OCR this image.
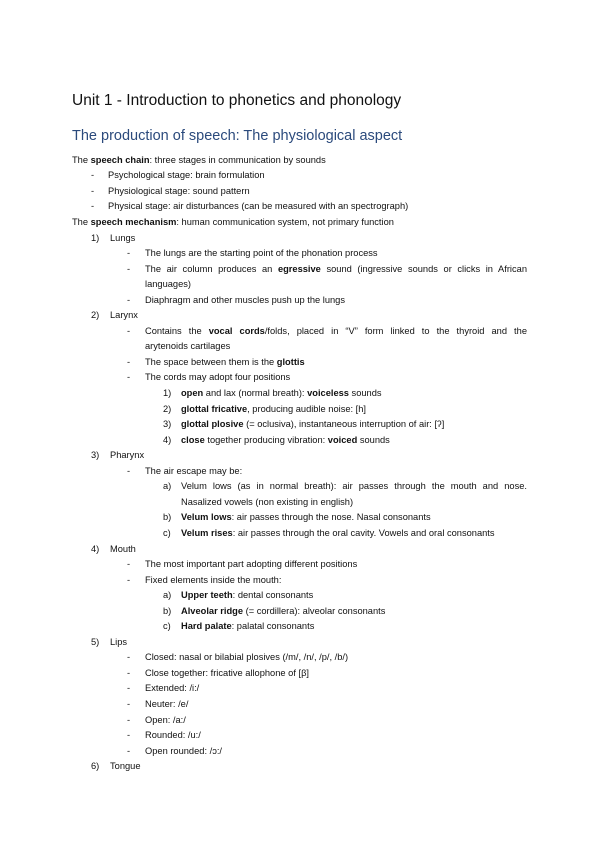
Unit 1 - Introduction to phonetics and phonology
The production of speech: The physiological aspect
The speech chain: three stages in communication by sounds
- Psychological stage: brain formulation
- Physiological stage: sound pattern
- Physical stage: air disturbances (can be measured with an spectrograph)
The speech mechanism: human communication system, not primary function
1) Lungs
- The lungs are the starting point of the phonation process
- The air column produces an egressive sound (ingressive sounds or clicks in African
languages)
- Diaphragm and other muscles push up the lungs
2) Larynx
- Contains the vocal cords/folds, placed in “V” form linked to the thyroid and the
arytenoids cartilages
- The space between them is the glottis
- The cords may adopt four positions
1) open and lax (normal breath): voiceless sounds
2) glottal fricative, producing audible noise: [h]
3) glottal plosive (= oclusiva), instantaneous interruption of air: [ʔ]
4) close together producing vibration: voiced sounds
3) Pharynx
- The air escape may be:
a) Velum lows (as in normal breath): air passes through the mouth and nose.
Nasalized vowels (non existing in english)
b) Velum lows: air passes through the nose. Nasal consonants
c) Velum rises: air passes through the oral cavity. Vowels and oral consonants
4) Mouth
- The most important part adopting different positions
- Fixed elements inside the mouth:
a) Upper teeth: dental consonants
b) Alveolar ridge (= cordillera): alveolar consonants
c) Hard palate: palatal consonants
5) Lips
- Closed: nasal or bilabial plosives (/m/, /n/, /p/, /b/)
- Close together: fricative allophone of [β]
- Extended: /i:/
- Neuter: /e/
- Open: /a:/
- Rounded: /u:/
- Open rounded: /ɔ:/
6) Tongue
